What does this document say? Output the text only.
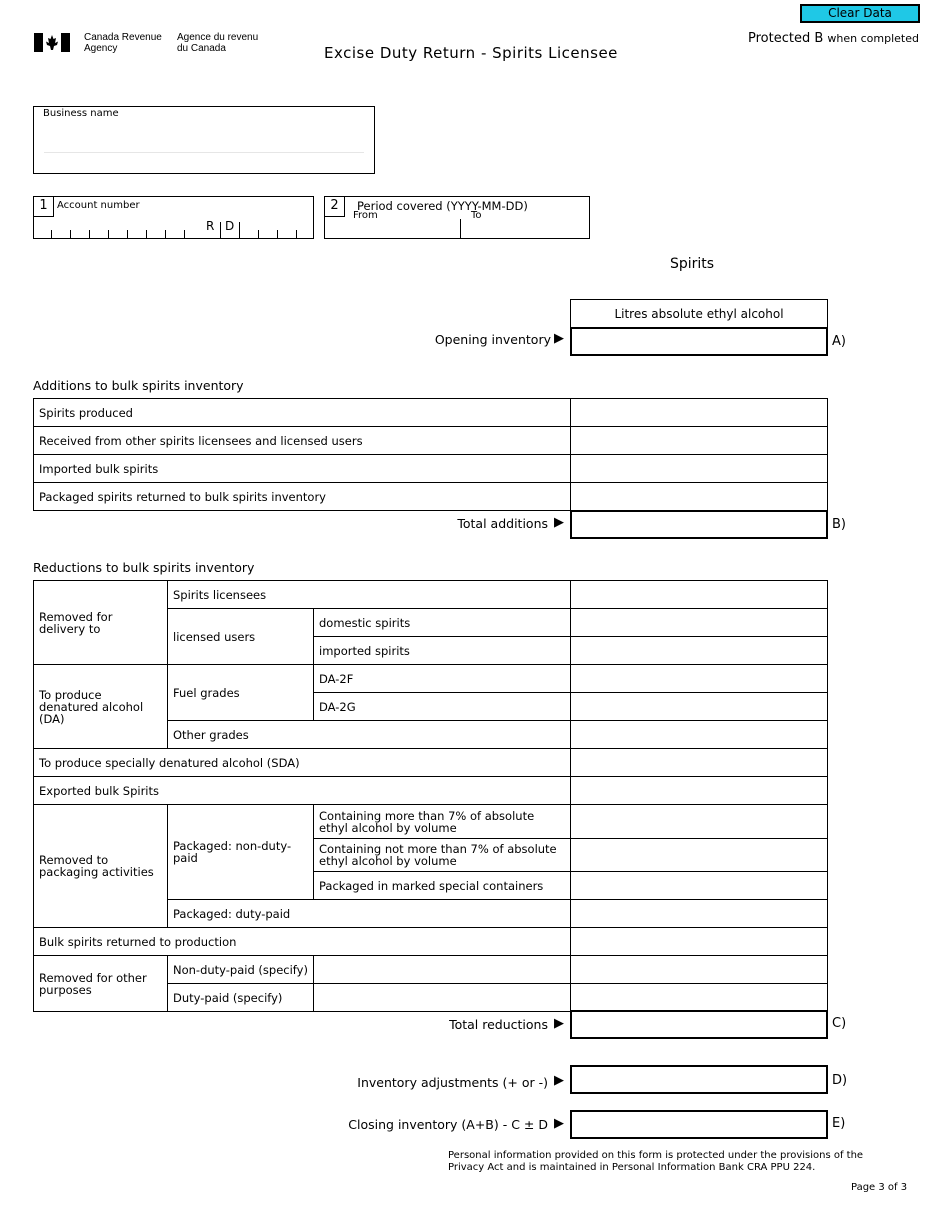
Clear Data
Canada Revenue
Agency
Agence du revenu
du Canada	Excise Duty Return - Spirits Licensee
Protected B when completed
Business name
1 Account number
R D
2	Period covered (YYYY-MM-DD)
From	To
Spirits
Litres absolute ethyl alcohol
Opening inventory ▶	A)
Additions to bulk spirits inventory
Spirits produced	
Received from other spirits licensees and licensed users	
Imported bulk spirits	
Packaged spirits returned to bulk spirits inventory	
Total additions ▶	B)
Reductions to bulk spirits inventory
Removed for delivery to	Spirits licensees		
	licensed users	domestic spirits	
		imported spirits	
To produce denatured alcohol (DA)	Fuel grades	DA-2F	
		DA-2G	
	Other grades		
To produce specially denatured alcohol (SDA)			
Exported bulk Spirits			
Removed to packaging activities	Packaged: non-duty-paid	Containing more than 7% of absolute ethyl alcohol by volume	
		Containing not more than 7% of absolute ethyl alcohol by volume	
		Packaged in marked special containers	
	Packaged: duty-paid		
Bulk spirits returned to production			
Removed for other purposes	Non-duty-paid (specify)		
	Duty-paid (specify)		
Total reductions ▶	C)
Inventory adjustments (+ or -) ▶	D)
Closing inventory (A+B) - C ± D ▶	E)
Personal information provided on this form is protected under the provisions of the Privacy Act and is maintained in Personal Information Bank CRA PPU 224.
Page 3 of 3
